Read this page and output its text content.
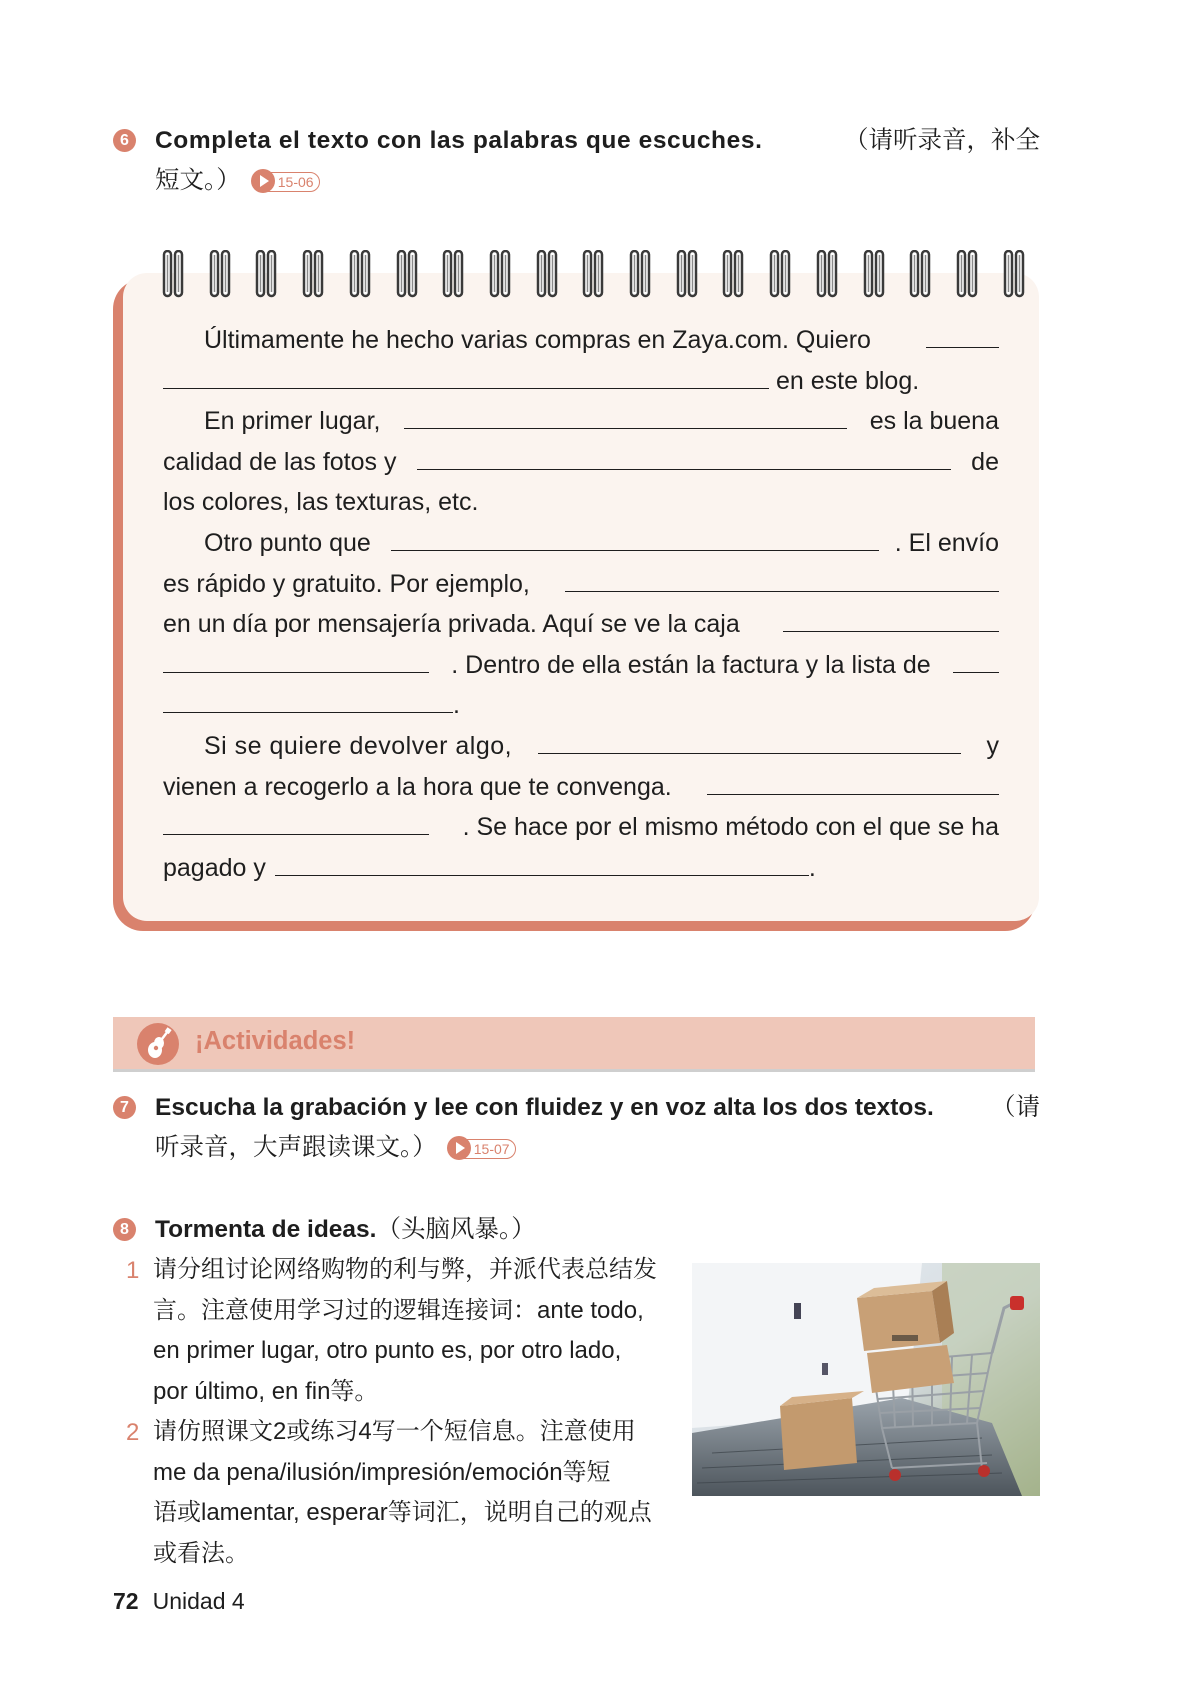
6 Completa el texto con las palabras que escuches.	（请听录音，补全
短文。）	15-06
Últimamente he hecho varias compras en Zaya.com. Quiero
en este blog.
En primer lugar,	es la buena
calidad de las fotos y	de
los colores, las texturas, etc.
Otro punto que	. El envío
es rápido y gratuito. Por ejemplo,
en un día por mensajería privada. Aquí se ve la caja
. Dentro de ella están la factura y la lista de
.
Si se quiere devolver algo,	y
vienen a recogerlo a la hora que te convenga.
. Se hace por el mismo método con el que se ha
pagado y	.
¡Actividades!
7 Escucha la grabación y lee con fluidez y en voz alta los dos textos. （请
听录音，大声跟读课文。）	15-07
8 Tormenta de ideas.（头脑风暴。）
1 请分组讨论网络购物的利与弊，并派代表总结发
言。注意使用学习过的逻辑连接词：ante todo,
en primer lugar, otro punto es, por otro lado,
por último, en fin等。
2 请仿照课文2或练习4写一个短信息。注意使用
me da pena/ilusión/impresión/emoción等短
语或lamentar, esperar等词汇，说明自己的观点
或看法。
72 Unidad 4
